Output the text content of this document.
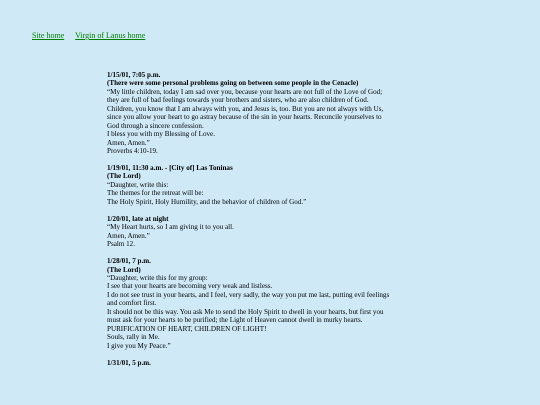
Site home Virgin of Lanus home
1/15/01, 7:05 p.m.
(There were some personal problems going on between some people in the Cenacle)
“My little children, today I am sad over you, because your hearts are not full of the Love of God;
they are full of bad feelings towards your brothers and sisters, who are also children of God.
Children, you know that I am always with you, and Jesus is, too. But you are not always with Us,
since you allow your heart to go astray because of the sin in your hearts. Reconcile yourselves to
God through a sincere confession.
I bless you with my Blessing of Love.
Amen, Amen.”
Proverbs 4:10-19.
1/19/01, 11:30 a.m. - [City of] Las Toninas
(The Lord)
“Daughter, write this:
The themes for the retreat will be:
The Holy Spirit, Holy Humility, and the behavior of children of God.”
1/20/01, late at night
“My Heart hurts, so I am giving it to you all.
Amen, Amen.”
Psalm 12.
1/28/01, 7 p.m.
(The Lord)
“Daughter, write this for my group:
I see that your hearts are becoming very weak and listless.
I do not see trust in your hearts, and I feel, very sadly, the way you put me last, putting evil feelings
and comfort first.
It should not be this way. You ask Me to send the Holy Spirit to dwell in your hearts, but first you
must ask for your hearts to be purified; the Light of Heaven cannot dwell in murky hearts.
PURIFICATION OF HEART, CHILDREN OF LIGHT!
Souls, rally in Me.
I give you My Peace.”
1/31/01, 5 p.m.
